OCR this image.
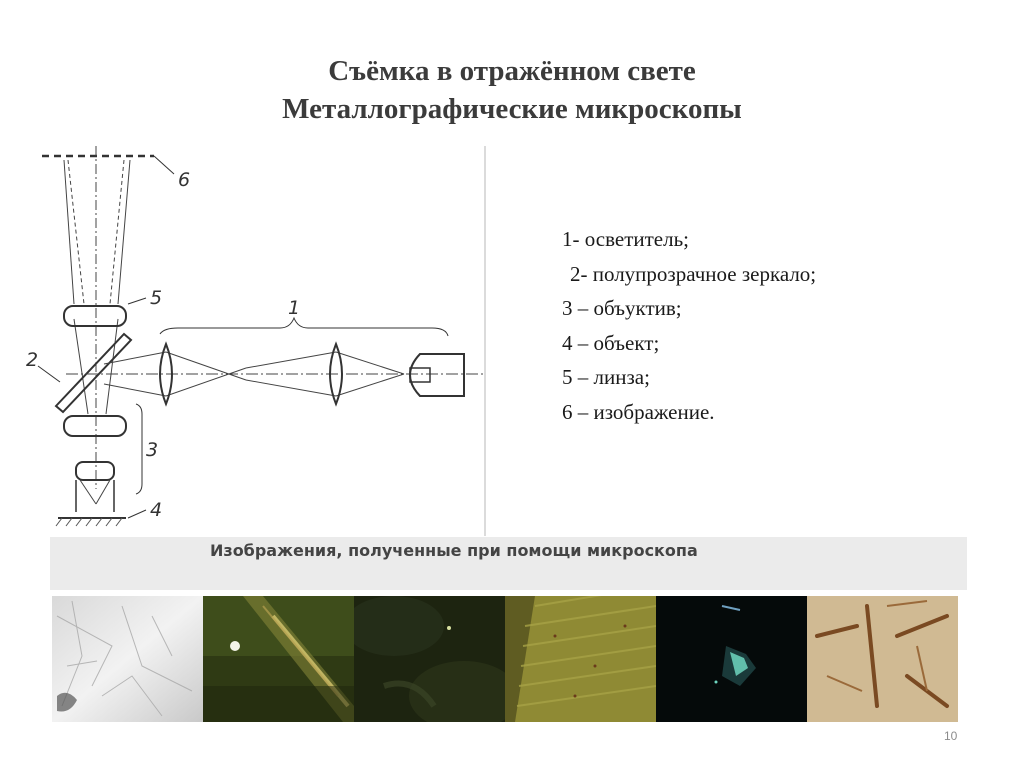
Съёмка в отражённом свете
Металлографические микроскопы
1
2
3
4
5
6
1- осветитель;
2- полупрозрачное зеркало;
3 – объуктив;
4 – объект;
5 – линза;
6 – изображение.
Изображения, полученные при помощи микроскопа
10
